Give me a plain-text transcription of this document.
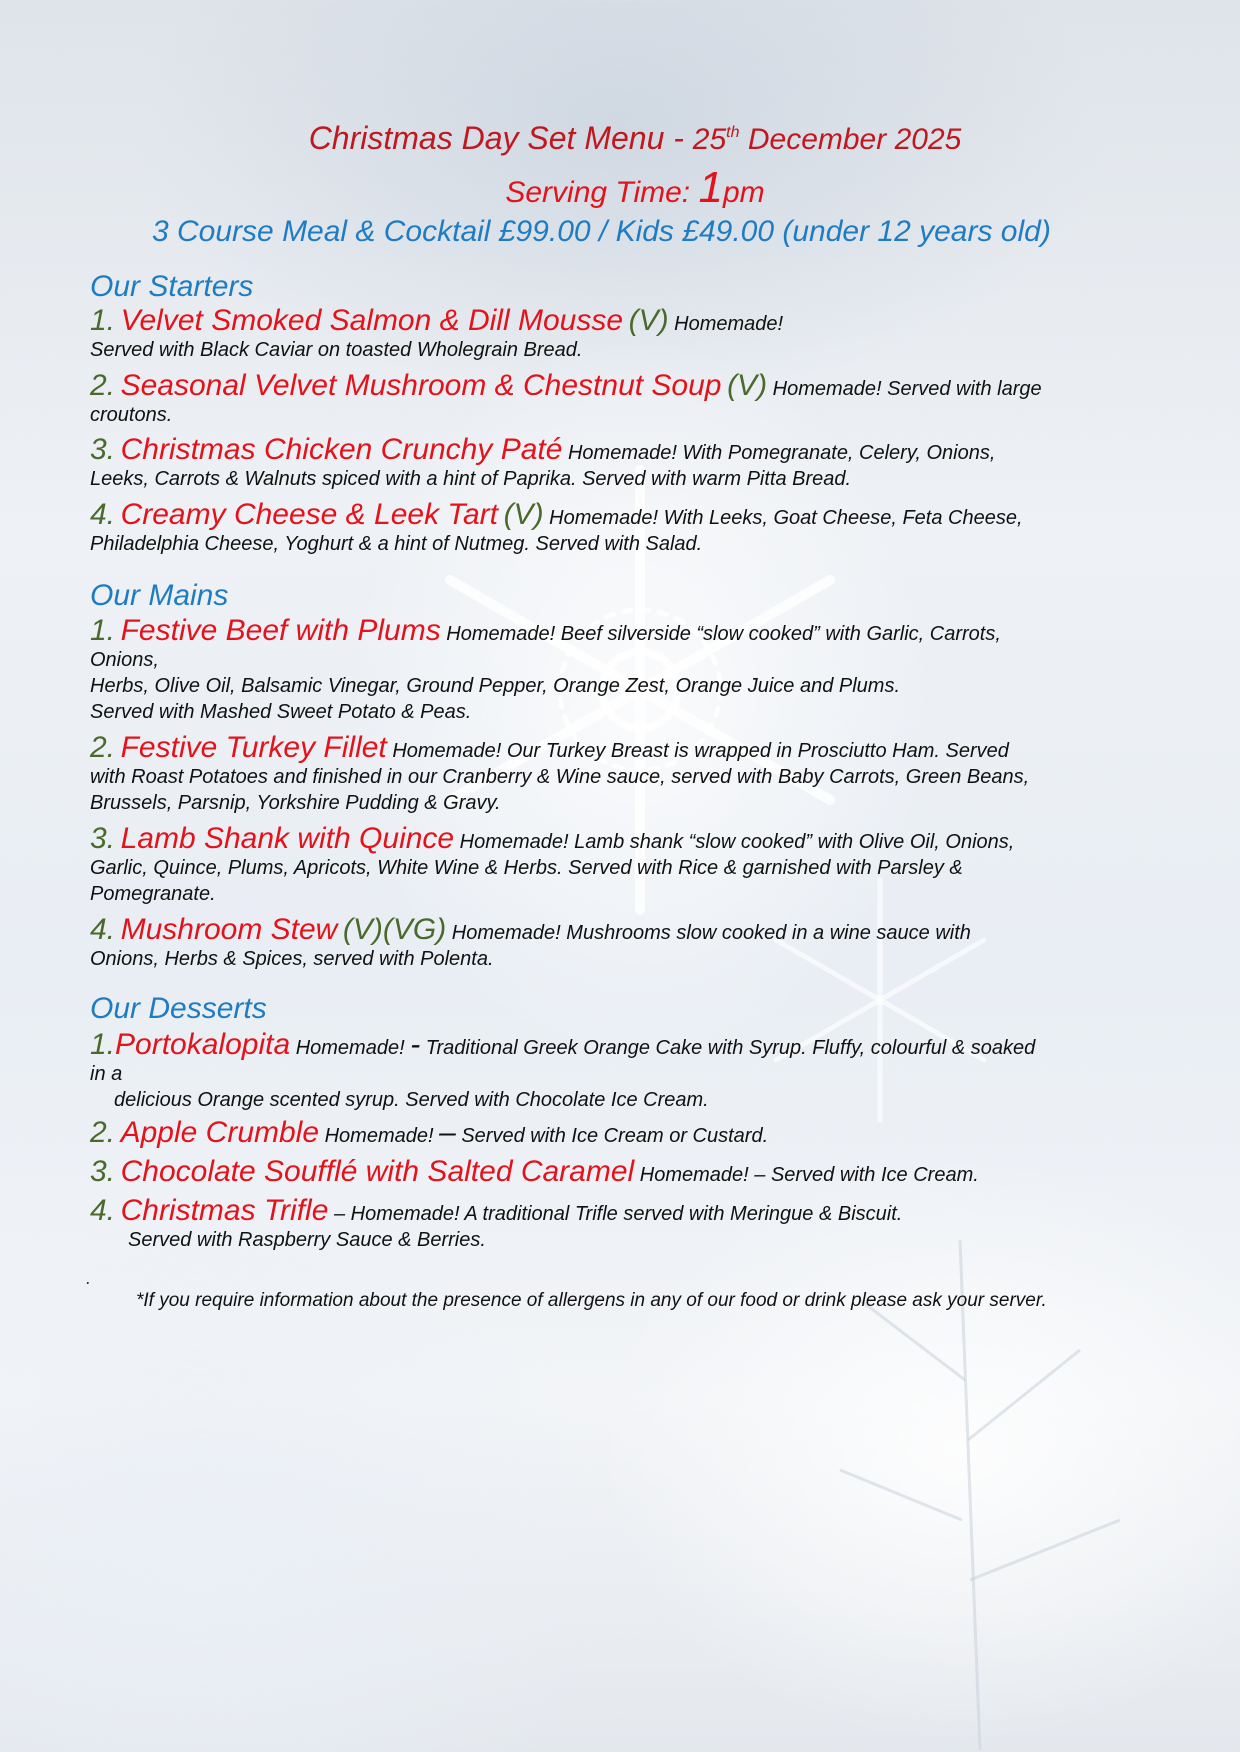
Christmas Day Set Menu - 25th December 2025
Serving Time: 1pm
3 Course Meal & Cocktail £99.00 / Kids £49.00 (under 12 years old)
Our Starters
1. Velvet Smoked Salmon & Dill Mousse (V) Homemade!
Served with Black Caviar on toasted Wholegrain Bread.
2. Seasonal Velvet Mushroom & Chestnut Soup (V) Homemade! Served with large
croutons.
3. Christmas Chicken Crunchy Paté Homemade! With Pomegranate, Celery, Onions,
Leeks, Carrots & Walnuts spiced with a hint of Paprika. Served with warm Pitta Bread.
4. Creamy Cheese & Leek Tart (V) Homemade! With Leeks, Goat Cheese, Feta Cheese,
Philadelphia Cheese, Yoghurt & a hint of Nutmeg. Served with Salad.
Our Mains
1. Festive Beef with Plums Homemade! Beef silverside “slow cooked” with Garlic, Carrots,
Onions,
Herbs, Olive Oil, Balsamic Vinegar, Ground Pepper, Orange Zest, Orange Juice and Plums.
Served with Mashed Sweet Potato & Peas.
2. Festive Turkey Fillet Homemade! Our Turkey Breast is wrapped in Prosciutto Ham. Served
with Roast Potatoes and finished in our Cranberry & Wine sauce, served with Baby Carrots, Green Beans,
Brussels, Parsnip, Yorkshire Pudding & Gravy.
3. Lamb Shank with Quince Homemade! Lamb shank “slow cooked” with Olive Oil, Onions,
Garlic, Quince, Plums, Apricots, White Wine & Herbs. Served with Rice & garnished with Parsley &
Pomegranate.
4. Mushroom Stew (V)(VG) Homemade! Mushrooms slow cooked in a wine sauce with
Onions, Herbs & Spices, served with Polenta.
Our Desserts
1.Portokalopita Homemade! - Traditional Greek Orange Cake with Syrup. Fluffy, colourful & soaked
in a
delicious Orange scented syrup. Served with Chocolate Ice Cream.
2. Apple Crumble Homemade! – Served with Ice Cream or Custard.
3. Chocolate Soufflé with Salted Caramel Homemade! – Served with Ice Cream.
4. Christmas Trifle – Homemade! A traditional Trifle served with Meringue & Biscuit.
Served with Raspberry Sauce & Berries.
.
*If you require information about the presence of allergens in any of our food or drink please ask your server.
